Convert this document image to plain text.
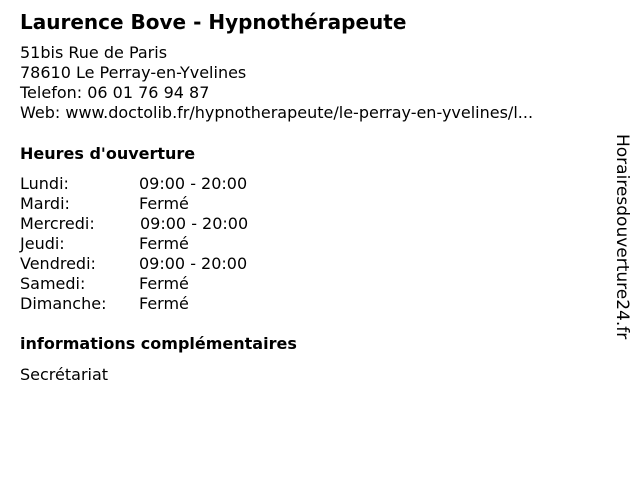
Laurence Bove - Hypnothérapeute
51bis Rue de Paris
78610 Le Perray-en-Yvelines
Telefon: 06 01 76 94 87
Web: www.doctolib.fr/hypnotherapeute/le-perray-en-yvelines/l...
Heures d'ouverture
Lundi:	09:00 - 20:00
Mardi:	Fermé
Mercredi:	09:00 - 20:00
Jeudi:	Fermé
Vendredi:	09:00 - 20:00
Samedi:	Fermé
Dimanche: Fermé
informations complémentaires
Secrétariat
Horairesdouverture24.fr
